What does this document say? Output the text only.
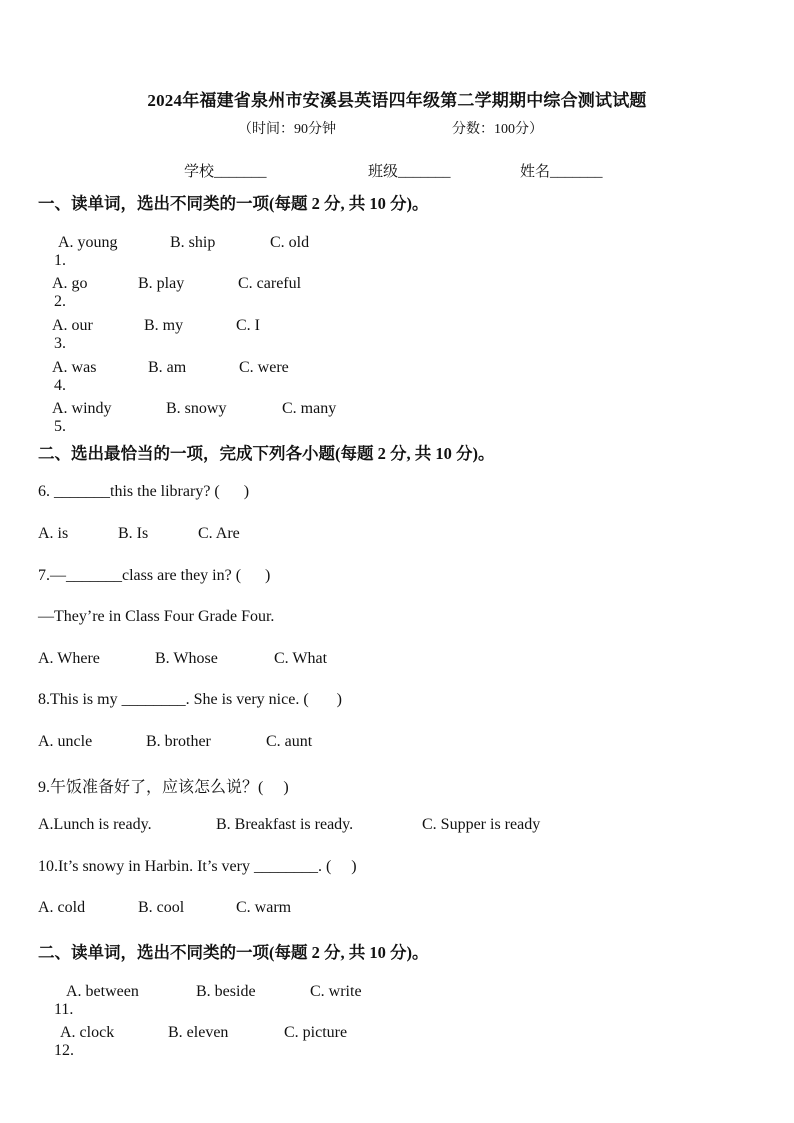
2024年福建省泉州市安溪县英语四年级第二学期期中综合测试试题
（时间：90分钟	分数：100分）
学校_______	班级_______	姓名_______
一、读单词，选出不同类的一项(每题 2 分, 共 10 分)。

1.

A. young	B. ship	C. old

2.

A. go	B. play	C. careful

3.

A. our	B. my	C. I

4.

A. was	B. am	C. were

5.

A. windy	B. snowy	C. many
二、选出最恰当的一项，完成下列各小题(每题 2 分, 共 10 分)。
6. _______this the library? (      )
A. is	B. Is	C. Are
7.—_______class are they in? (      )
—They’re in Class Four Grade Four.
A. Where	B. Whose	C. What
8.This is my ________. She is very nice. (       )
A. uncle	B. brother	C. aunt
9.午饭准备好了，应该怎么说？(     )
A.Lunch is ready.	B. Breakfast is ready.	C. Supper is ready
10.It’s snowy in Harbin. It’s very ________. (     )
A. cold	B. cool	C. warm
二、读单词，选出不同类的一项(每题 2 分, 共 10 分)。

11.

A. between	B. beside	C. write

12.

A. clock	B. eleven	C. picture
